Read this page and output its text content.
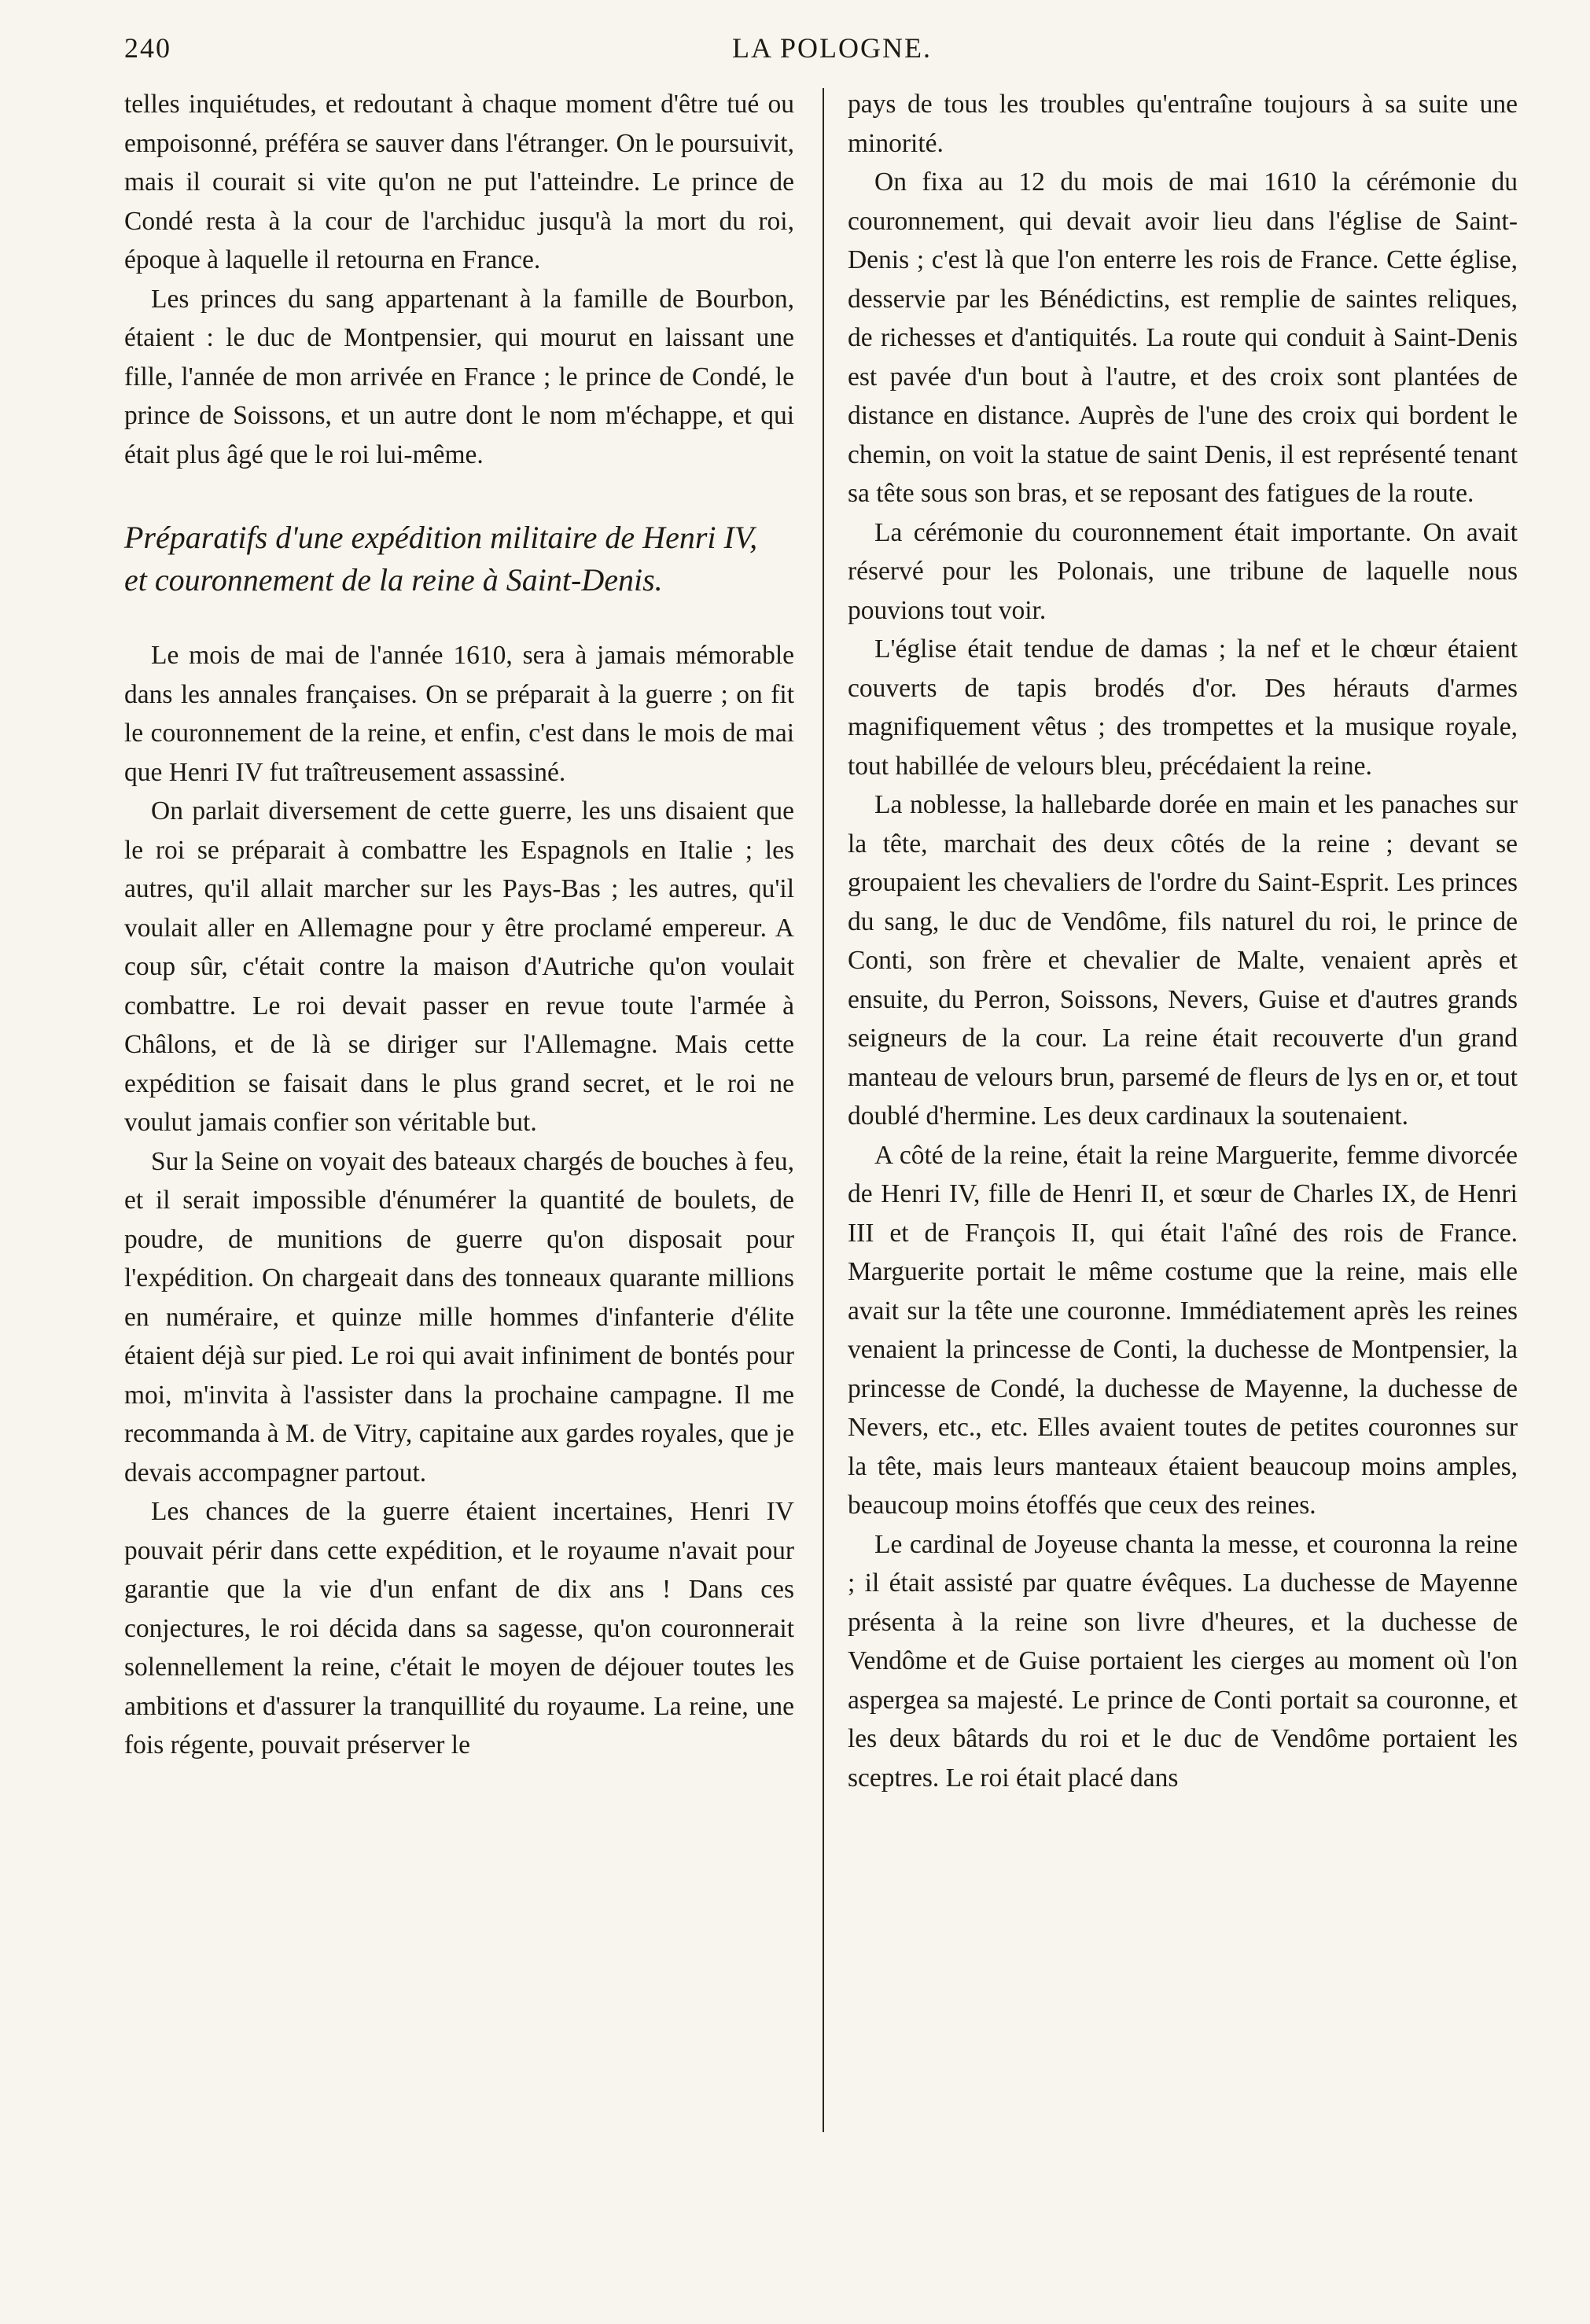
240	LA POLOGNE.

telles inquiétudes, et redoutant à chaque moment d'être tué ou empoisonné, préféra se sauver dans l'étranger. On le poursuivit, mais il courait si vite qu'on ne put l'atteindre. Le prince de Condé resta à la cour de l'archiduc jusqu'à la mort du roi, époque à laquelle il retourna en France.

Les princes du sang appartenant à la famille de Bourbon, étaient : le duc de Montpensier, qui mourut en laissant une fille, l'année de mon arrivée en France ; le prince de Condé, le prince de Soissons, et un autre dont le nom m'échappe, et qui était plus âgé que le roi lui-même.

Préparatifs d'une expédition militaire de Henri IV, et couronnement de la reine à Saint-Denis.

Le mois de mai de l'année 1610, sera à jamais mémorable dans les annales françaises. On se préparait à la guerre ; on fit le couronnement de la reine, et enfin, c'est dans le mois de mai que Henri IV fut traîtreusement assassiné.

On parlait diversement de cette guerre, les uns disaient que le roi se préparait à combattre les Espagnols en Italie ; les autres, qu'il allait marcher sur les Pays-Bas ; les autres, qu'il voulait aller en Allemagne pour y être proclamé empereur. A coup sûr, c'était contre la maison d'Autriche qu'on voulait combattre. Le roi devait passer en revue toute l'armée à Châlons, et de là se diriger sur l'Allemagne. Mais cette expédition se faisait dans le plus grand secret, et le roi ne voulut jamais confier son véritable but.

Sur la Seine on voyait des bateaux chargés de bouches à feu, et il serait impossible d'énumérer la quantité de boulets, de poudre, de munitions de guerre qu'on disposait pour l'expédition. On chargeait dans des tonneaux quarante millions en numéraire, et quinze mille hommes d'infanterie d'élite étaient déjà sur pied. Le roi qui avait infiniment de bontés pour moi, m'invita à l'assister dans la prochaine campagne. Il me recommanda à M. de Vitry, capitaine aux gardes royales, que je devais accompagner partout.

Les chances de la guerre étaient incertaines, Henri IV pouvait périr dans cette expédition, et le royaume n'avait pour garantie que la vie d'un enfant de dix ans ! Dans ces conjectures, le roi décida dans sa sagesse, qu'on couronnerait solennellement la reine, c'était le moyen de déjouer toutes les ambitions et d'assurer la tranquillité du royaume. La reine, une fois régente, pouvait préserver le

pays de tous les troubles qu'entraîne toujours à sa suite une minorité.

On fixa au 12 du mois de mai 1610 la cérémonie du couronnement, qui devait avoir lieu dans l'église de Saint-Denis ; c'est là que l'on enterre les rois de France. Cette église, desservie par les Bénédictins, est remplie de saintes reliques, de richesses et d'antiquités. La route qui conduit à Saint-Denis est pavée d'un bout à l'autre, et des croix sont plantées de distance en distance. Auprès de l'une des croix qui bordent le chemin, on voit la statue de saint Denis, il est représenté tenant sa tête sous son bras, et se reposant des fatigues de la route.

La cérémonie du couronnement était importante. On avait réservé pour les Polonais, une tribune de laquelle nous pouvions tout voir.

L'église était tendue de damas ; la nef et le chœur étaient couverts de tapis brodés d'or. Des hérauts d'armes magnifiquement vêtus ; des trompettes et la musique royale, tout habillée de velours bleu, précédaient la reine.

La noblesse, la hallebarde dorée en main et les panaches sur la tête, marchait des deux côtés de la reine ; devant se groupaient les chevaliers de l'ordre du Saint-Esprit. Les princes du sang, le duc de Vendôme, fils naturel du roi, le prince de Conti, son frère et chevalier de Malte, venaient après et ensuite, du Perron, Soissons, Nevers, Guise et d'autres grands seigneurs de la cour. La reine était recouverte d'un grand manteau de velours brun, parsemé de fleurs de lys en or, et tout doublé d'hermine. Les deux cardinaux la soutenaient.

A côté de la reine, était la reine Marguerite, femme divorcée de Henri IV, fille de Henri II, et sœur de Charles IX, de Henri III et de François II, qui était l'aîné des rois de France. Marguerite portait le même costume que la reine, mais elle avait sur la tête une couronne. Immédiatement après les reines venaient la princesse de Conti, la duchesse de Montpensier, la princesse de Condé, la duchesse de Mayenne, la duchesse de Nevers, etc., etc. Elles avaient toutes de petites couronnes sur la tête, mais leurs manteaux étaient beaucoup moins amples, beaucoup moins étoffés que ceux des reines.

Le cardinal de Joyeuse chanta la messe, et couronna la reine ; il était assisté par quatre évêques. La duchesse de Mayenne présenta à la reine son livre d'heures, et la duchesse de Vendôme et de Guise portaient les cierges au moment où l'on aspergea sa majesté. Le prince de Conti portait sa couronne, et les deux bâtards du roi et le duc de Vendôme portaient les sceptres. Le roi était placé dans
